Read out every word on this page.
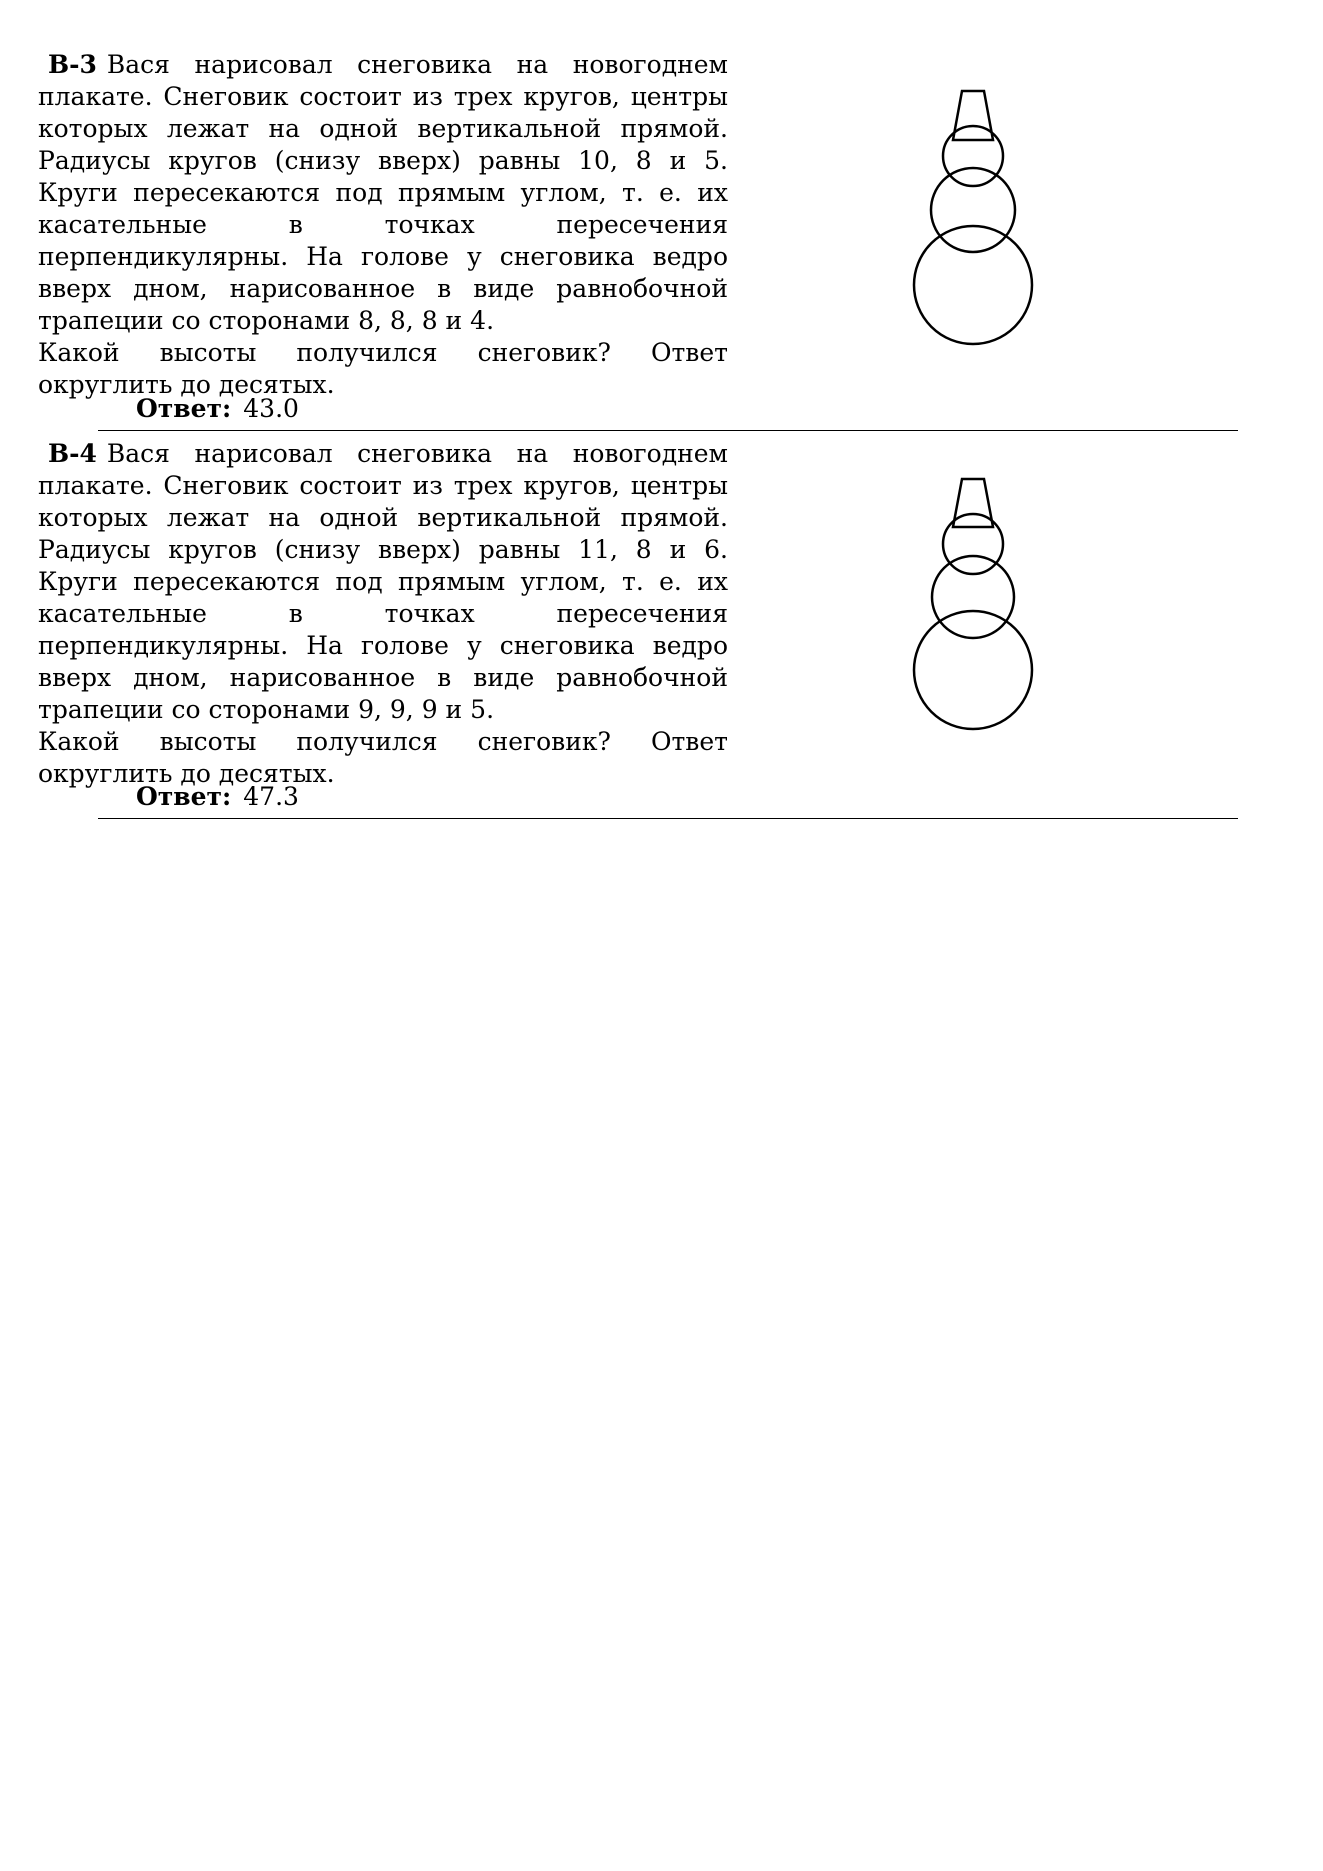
В-3 Вася нарисовал снеговика на новогоднем плакате. Снеговик состоит из трех кругов, центры которых лежат на одной вертикальной прямой. Радиусы кругов (снизу вверх) равны 10, 8 и 5. Круги пересекаются под прямым углом, т. е. их касательные в точках пересечения перпендикулярны. На голове у снеговика ведро вверх дном, нарисованное в виде равнобочной трапеции со сторонами 8, 8, 8 и 4.
Какой высоты получился снеговик? Ответ округлить до десятых.
Ответ: 43.0
В-4 Вася нарисовал снеговика на новогоднем плакате. Снеговик состоит из трех кругов, центры которых лежат на одной вертикальной прямой. Радиусы кругов (снизу вверх) равны 11, 8 и 6. Круги пересекаются под прямым углом, т. е. их касательные в точках пересечения перпендикулярны. На голове у снеговика ведро вверх дном, нарисованное в виде равнобочной трапеции со сторонами 9, 9, 9 и 5.
Какой высоты получился снеговик? Ответ округлить до десятых.
Ответ: 47.3
